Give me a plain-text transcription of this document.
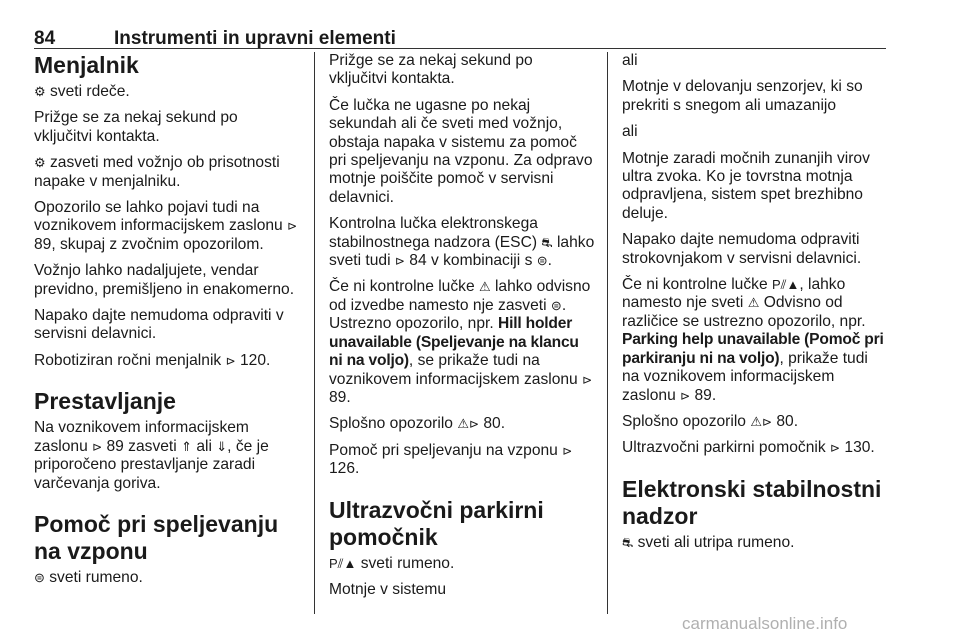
84	Instrumenti in upravni elementi
Menjalnik

⚙ sveti rdeče.

Prižge se za nekaj sekund po vključitvi kontakta.

⚙ zasveti med vožnjo ob prisotnosti napake v menjalniku.

Opozorilo se lahko pojavi tudi na voznikovem informacijskem zaslonu ⊳ 89, skupaj z zvočnim opozorilom.

Vožnjo lahko nadaljujete, vendar previdno, premišljeno in enakomerno.

Napako dajte nemudoma odpraviti v servisni delavnici.

Robotiziran ročni menjalnik ⊳ 120.

Prestavljanje

Na voznikovem informacijskem zaslonu ⊳ 89 zasveti ⇑ ali ⇓, če je priporočeno prestavljanje zaradi varčevanja goriva.

Pomoč pri speljevanju na vzponu

⊜ sveti rumeno.

Prižge se za nekaj sekund po vključitvi kontakta.

Če lučka ne ugasne po nekaj sekundah ali če sveti med vožnjo, obstaja napaka v sistemu za pomoč pri speljevanju na vzponu. Za odpravo motnje poiščite pomoč v servisni delavnici.

Kontrolna lučka elektronskega stabilnostnega nadzora (ESC) ⛐ lahko sveti tudi ⊳ 84 v kombinaciji s ⊜.

Če ni kontrolne lučke ⚠ lahko odvisno od izvedbe namesto nje zasveti ⊜. Ustrezno opozorilo, npr. Hill holder unavailable (Speljevanje na klancu ni na voljo), se prikaže tudi na voznikovem informacijskem zaslonu ⊳ 89.

Splošno opozorilo ⚠⊳ 80.

Pomoč pri speljevanju na vzponu ⊳ 126.

Ultrazvočni parkirni pomočnik

P⫽▲ sveti rumeno.

Motnje v sistemu

ali

Motnje v delovanju senzorjev, ki so prekriti s snegom ali umazanijo

ali

Motnje zaradi močnih zunanjih virov ultra zvoka. Ko je tovrstna motnja odpravljena, sistem spet brezhibno deluje.

Napako dajte nemudoma odpraviti strokovnjakom v servisni delavnici.

Če ni kontrolne lučke P⫽▲, lahko namesto nje sveti ⚠ Odvisno od različice se ustrezno opozorilo, npr. Parking help unavailable (Pomoč pri parkiranju ni na voljo), prikaže tudi na voznikovem informacijskem zaslonu ⊳ 89.

Splošno opozorilo ⚠⊳ 80.

Ultrazvočni parkirni pomočnik ⊳ 130.

Elektronski stabilnostni nadzor

⛐ sveti ali utripa rumeno.

carmanualsonline.info
